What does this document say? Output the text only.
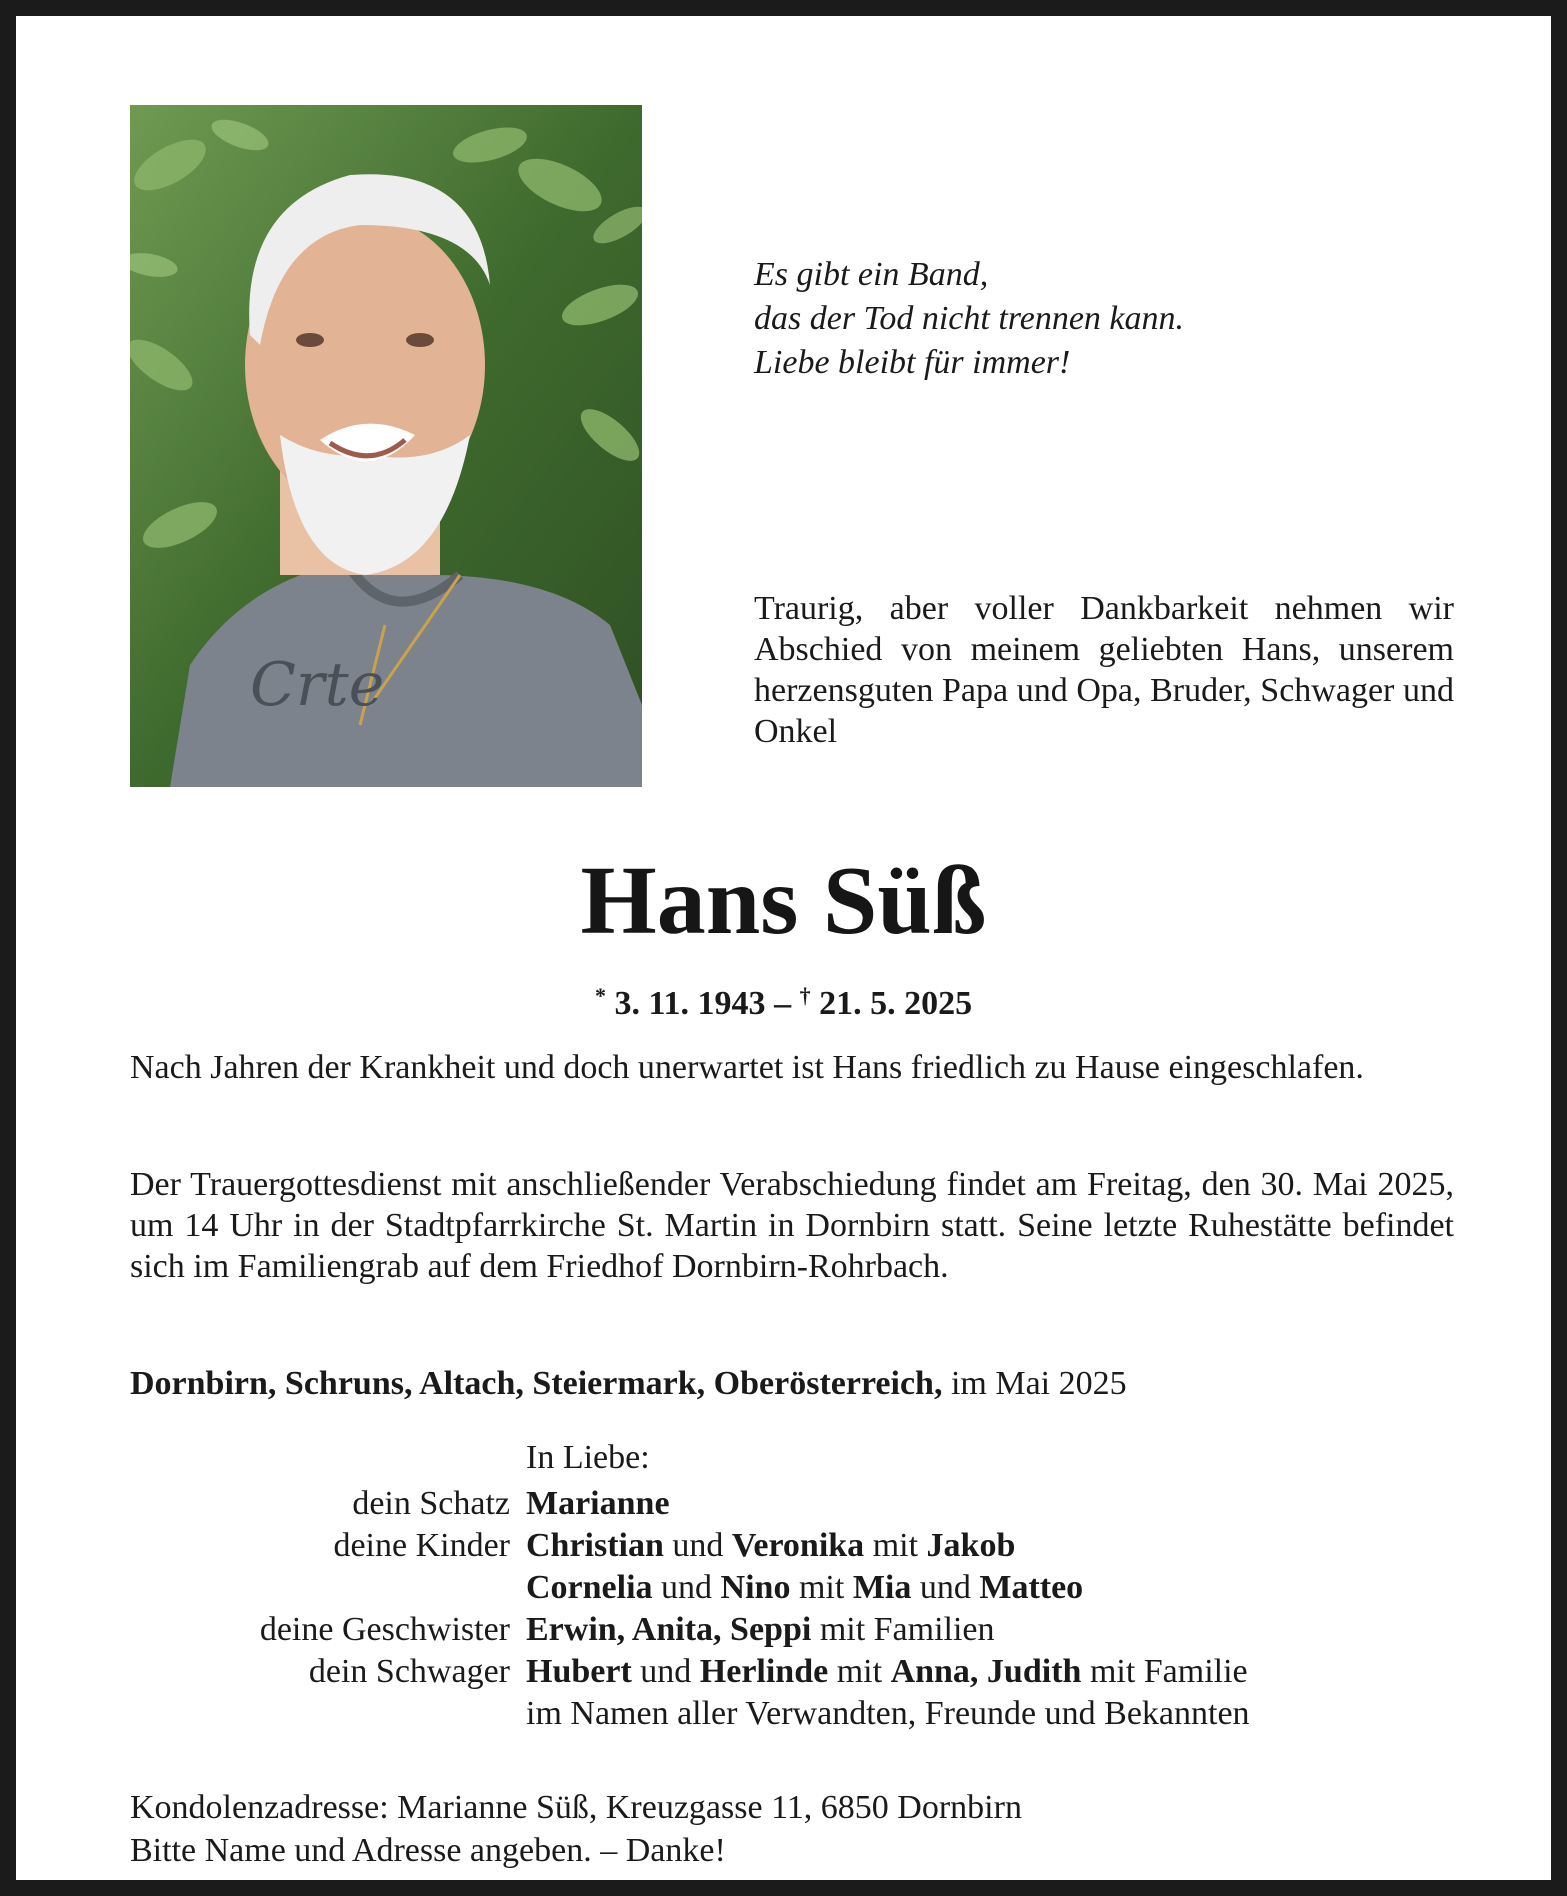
Crte
Es gibt ein Band,
das der Tod nicht trennen kann.
Liebe bleibt für immer!

Traurig, aber voller Dankbarkeit nehmen wir Abschied von meinem geliebten Hans, unserem herzensguten Papa und Opa, Bruder, Schwager und Onkel

Hans Süß
* 3. 11. 1943 – † 21. 5. 2025

Nach Jahren der Krankheit und doch unerwartet ist Hans friedlich zu Hause eingeschlafen.

Der Trauergottesdienst mit anschließender Verabschiedung findet am Freitag, den 30. Mai 2025, um 14 Uhr in der Stadtpfarrkirche St. Martin in Dornbirn statt. Seine letzte Ruhestätte befindet sich im Familiengrab auf dem Friedhof Dornbirn-Rohrbach.

Dornbirn, Schruns, Altach, Steiermark, Oberösterreich, im Mai 2025
In Liebe:
dein Schatz Marianne
deine Kinder Christian und Veronika mit Jakob
Cornelia und Nino mit Mia und Matteo
deine Geschwister Erwin, Anita, Seppi mit Familien
dein Schwager Hubert und Herlinde mit Anna, Judith mit Familie
im Namen aller Verwandten, Freunde und Bekannten
Kondolenzadresse: Marianne Süß, Kreuzgasse 11, 6850 Dornbirn
Bitte Name und Adresse angeben. – Danke!
